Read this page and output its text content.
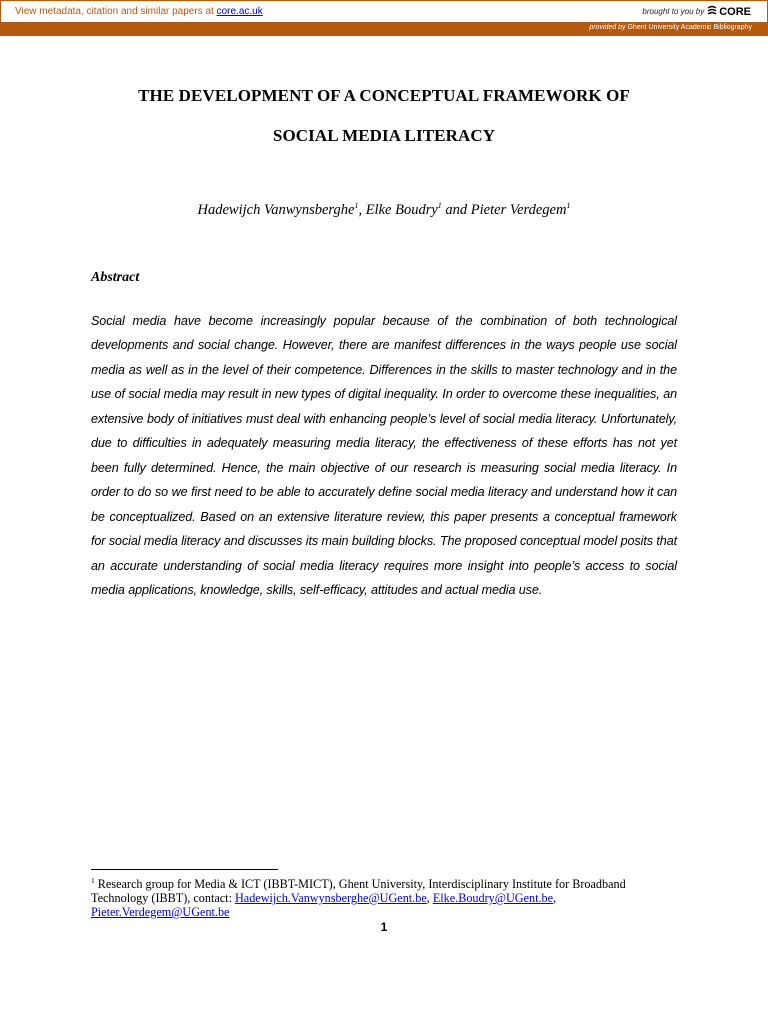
View metadata, citation and similar papers at core.ac.uk	brought to you by CORE
provided by Ghent University Academic Bibliography
THE DEVELOPMENT OF A CONCEPTUAL FRAMEWORK OF
SOCIAL MEDIA LITERACY
Hadewijch Vanwynsberghe$^1$, Elke Boudry$^1$ and Pieter Verdegem$^1$
Abstract
Social media have become increasingly popular because of the combination of both technological developments and social change. However, there are manifest differences in the ways people use social media as well as in the level of their competence. Differences in the skills to master technology and in the use of social media may result in new types of digital inequality. In order to overcome these inequalities, an extensive body of initiatives must deal with enhancing people’s level of social media literacy. Unfortunately, due to difficulties in adequately measuring media literacy, the effectiveness of these efforts has not yet been fully determined. Hence, the main objective of our research is measuring social media literacy. In order to do so we first need to be able to accurately define social media literacy and understand how it can be conceptualized. Based on an extensive literature review, this paper presents a conceptual framework for social media literacy and discusses its main building blocks. The proposed conceptual model posits that an accurate understanding of social media literacy requires more insight into people’s access to social media applications, knowledge, skills, self-efficacy, attitudes and actual media use.
$^1$ Research group for Media & ICT (IBBT-MICT), Ghent University, Interdisciplinary Institute for Broadband Technology (IBBT), contact: Hadewijch.Vanwynsberghe@UGent.be, Elke.Boudry@UGent.be, Pieter.Verdegem@UGent.be
1
